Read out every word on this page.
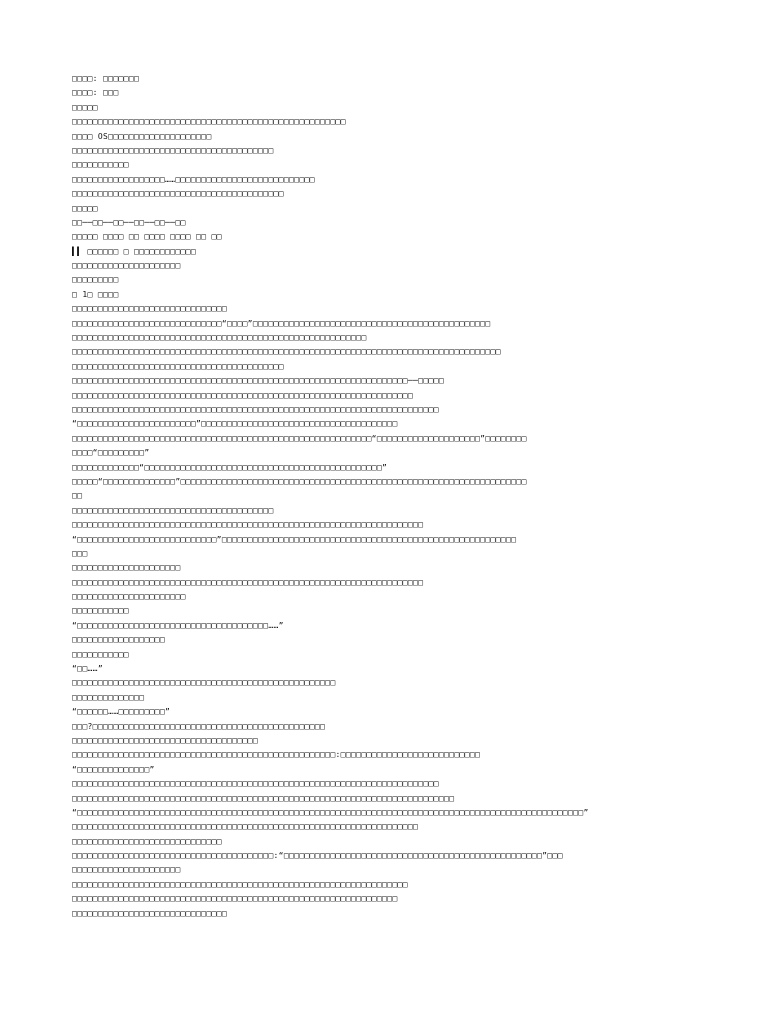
□□□□: □□□□□□□
□□□□: □□□
□□□□□
□□□□□□□□□□□□□□□□□□□□□□□□□□□□□□□□□□□□□□□□□□□□□□□□□□□□□
□□□□ OS□□□□□□□□□□□□□□□□□□□□
□□□□□□□□□□□□□□□□□□□□□□□□□□□□□□□□□□□□□□□
□□□□□□□□□□□
□□□□□□□□□□□□□□□□□□……□□□□□□□□□□□□□□□□□□□□□□□□□□□
□□□□□□□□□□□□□□□□□□□□□□□□□□□□□□□□□□□□□□□□□
□□□□□
□□──□□──□□──□□──□□──□□
□□□□□ □□□□ □□ □□□□ □□□□ □□ □□
▍▍ □□□□□□ □ □□□□□□□□□□□□
□□□□□□□□□□□□□□□□□□□□□
□□□□□□□□□
□ 1□ □□□□
□□□□□□□□□□□□□□□□□□□□□□□□□□□□□□
□□□□□□□□□□□□□□□□□□□□□□□□□□□□□“□□□□”□□□□□□□□□□□□□□□□□□□□□□□□□□□□□□□□□□□□□□□□□□□□□□
□□□□□□□□□□□□□□□□□□□□□□□□□□□□□□□□□□□□□□□□□□□□□□□□□□□□□□□□□
□□□□□□□□□□□□□□□□□□□□□□□□□□□□□□□□□□□□□□□□□□□□□□□□□□□□□□□□□□□□□□□□□□□□□□□□□□□□□□□□□□□
□□□□□□□□□□□□□□□□□□□□□□□□□□□□□□□□□□□□□□□□□
□□□□□□□□□□□□□□□□□□□□□□□□□□□□□□□□□□□□□□□□□□□□□□□□□□□□□□□□□□□□□□□□□──□□□□□
□□□□□□□□□□□□□□□□□□□□□□□□□□□□□□□□□□□□□□□□□□□□□□□□□□□□□□□□□□□□□□□□□□
□□□□□□□□□□□□□□□□□□□□□□□□□□□□□□□□□□□□□□□□□□□□□□□□□□□□□□□□□□□□□□□□□□□□□□□
“□□□□□□□□□□□□□□□□□□□□□□□”□□□□□□□□□□□□□□□□□□□□□□□□□□□□□□□□□□□□□□
□□□□□□□□□□□□□□□□□□□□□□□□□□□□□□□□□□□□□□□□□□□□□□□□□□□□□□□□□□“□□□□□□□□□□□□□□□□□□□□”□□□□□□□□
□□□□“□□□□□□□□□”
□□□□□□□□□□□□□“□□□□□□□□□□□□□□□□□□□□□□□□□□□□□□□□□□□□□□□□□□□□□□”
□□□□□“□□□□□□□□□□□□□□”□□□□□□□□□□□□□□□□□□□□□□□□□□□□□□□□□□□□□□□□□□□□□□□□□□□□□□□□□□□□□□□□□□□
□□
□□□□□□□□□□□□□□□□□□□□□□□□□□□□□□□□□□□□□□□
□□□□□□□□□□□□□□□□□□□□□□□□□□□□□□□□□□□□□□□□□□□□□□□□□□□□□□□□□□□□□□□□□□□□
“□□□□□□□□□□□□□□□□□□□□□□□□□□□”□□□□□□□□□□□□□□□□□□□□□□□□□□□□□□□□□□□□□□□□□□□□□□□□□□□□□□□□□
□□□
□□□□□□□□□□□□□□□□□□□□□
□□□□□□□□□□□□□□□□□□□□□□□□□□□□□□□□□□□□□□□□□□□□□□□□□□□□□□□□□□□□□□□□□□□□
□□□□□□□□□□□□□□□□□□□□□□
□□□□□□□□□□□
“□□□□□□□□□□□□□□□□□□□□□□□□□□□□□□□□□□□□□……”
□□□□□□□□□□□□□□□□□□
□□□□□□□□□□□
“□□……”
□□□□□□□□□□□□□□□□□□□□□□□□□□□□□□□□□□□□□□□□□□□□□□□□□□□
□□□□□□□□□□□□□□
“□□□□□□……□□□□□□□□□”
□□□?□□□□□□□□□□□□□□□□□□□□□□□□□□□□□□□□□□□□□□□□□□□□□
□□□□□□□□□□□□□□□□□□□□□□□□□□□□□□□□□□□□
□□□□□□□□□□□□□□□□□□□□□□□□□□□□□□□□□□□□□□□□□□□□□□□□□□□:□□□□□□□□□□□□□□□□□□□□□□□□□□□
“□□□□□□□□□□□□□□”
□□□□□□□□□□□□□□□□□□□□□□□□□□□□□□□□□□□□□□□□□□□□□□□□□□□□□□□□□□□□□□□□□□□□□□□
□□□□□□□□□□□□□□□□□□□□□□□□□□□□□□□□□□□□□□□□□□□□□□□□□□□□□□□□□□□□□□□□□□□□□□□□□□
“□□□□□□□□□□□□□□□□□□□□□□□□□□□□□□□□□□□□□□□□□□□□□□□□□□□□□□□□□□□□□□□□□□□□□□□□□□□□□□□□□□□□□□□□□□□□□□□□□□”
□□□□□□□□□□□□□□□□□□□□□□□□□□□□□□□□□□□□□□□□□□□□□□□□□□□□□□□□□□□□□□□□□□□
□□□□□□□□□□□□□□□□□□□□□□□□□□□□□
□□□□□□□□□□□□□□□□□□□□□□□□□□□□□□□□□□□□□□□:“□□□□□□□□□□□□□□□□□□□□□□□□□□□□□□□□□□□□□□□□□□□□□□□□□□”□□□
□□□□□□□□□□□□□□□□□□□□□
□□□□□□□□□□□□□□□□□□□□□□□□□□□□□□□□□□□□□□□□□□□□□□□□□□□□□□□□□□□□□□□□□
□□□□□□□□□□□□□□□□□□□□□□□□□□□□□□□□□□□□□□□□□□□□□□□□□□□□□□□□□□□□□□□
□□□□□□□□□□□□□□□□□□□□□□□□□□□□□□
